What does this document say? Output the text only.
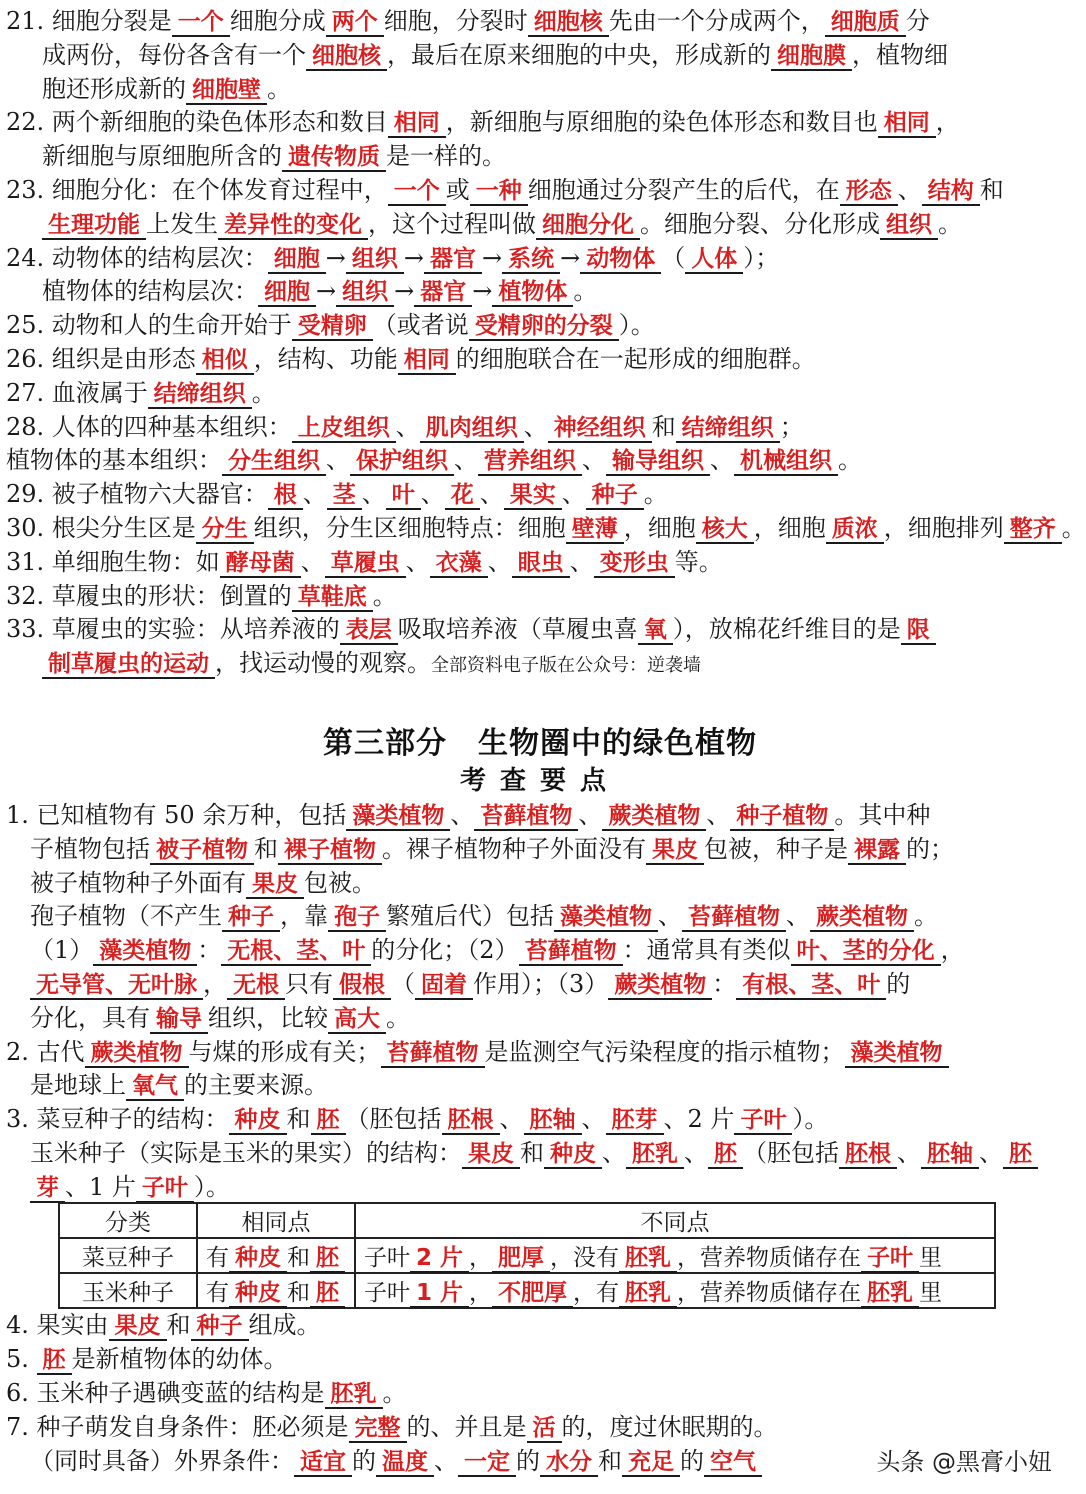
21. 细胞分裂是 一个 细胞分成 两个 细胞，分裂时 细胞核 先由一个分成两个， 细胞质 分
成两份，每份各含有一个 细胞核 ，最后在原来细胞的中央，形成新的 细胞膜 ，植物细
胞还形成新的 细胞壁 。
22. 两个新细胞的染色体形态和数目 相同 ，新细胞与原细胞的染色体形态和数目也 相同 ，
新细胞与原细胞所含的 遗传物质 是一样的。
23. 细胞分化：在个体发育过程中， 一个 或 一种 细胞通过分裂产生的后代，在 形态 、 结构 和
生理功能 上发生 差异性的变化 ，这个过程叫做 细胞分化 。细胞分裂、分化形成 组织 。
24. 动物体的结构层次： 细胞 → 组织 → 器官 → 系统 → 动物体 （ 人体 ）；
植物体的结构层次： 细胞 → 组织 → 器官 → 植物体 。
25. 动物和人的生命开始于 受精卵 （或者说 受精卵的分裂 ）。
26. 组织是由形态 相似 ，结构、功能 相同 的细胞联合在一起形成的细胞群。
27. 血液属于 结缔组织 。
28. 人体的四种基本组织： 上皮组织 、 肌肉组织 、 神经组织 和 结缔组织 ；
植物体的基本组织： 分生组织 、 保护组织 、 营养组织 、 输导组织 、 机械组织 。
29. 被子植物六大器官： 根 、 茎 、 叶 、 花 、 果实 、 种子 。
30. 根尖分生区是 分生 组织，分生区细胞特点：细胞 壁薄 ，细胞 核大 ，细胞 质浓 ，细胞排列 整齐 。
31. 单细胞生物：如 酵母菌 、 草履虫 、 衣藻 、 眼虫 、 变形虫 等。
32. 草履虫的形状：倒置的 草鞋底 。
33. 草履虫的实验：从培养液的 表层 吸取培养液（草履虫喜 氧 ），放棉花纤维目的是 限
制草履虫的运动 ，找运动慢的观察。全部资料电子版在公众号：逆袭墙
第三部分　生物圈中的绿色植物
考查要点
1. 已知植物有 50 余万种，包括 藻类植物 、 苔藓植物 、 蕨类植物 、 种子植物 。其中种
子植物包括 被子植物 和 裸子植物 。裸子植物种子外面没有 果皮 包被，种子是 裸露 的；
被子植物种子外面有 果皮 包被。
孢子植物（不产生 种子 ，靠 孢子 繁殖后代）包括 藻类植物 、 苔藓植物 、 蕨类植物 。
（1） 藻类植物 ： 无根、茎、叶 的分化；（2） 苔藓植物 ：通常具有类似 叶、茎的分化 ，
无导管、无叶脉 ， 无根 只有 假根 （ 固着 作用）；（3） 蕨类植物 ： 有根、茎、叶 的
分化，具有 输导 组织，比较 高大 。
2. 古代 蕨类植物 与煤的形成有关； 苔藓植物 是监测空气污染程度的指示植物； 藻类植物
是地球上 氧气 的主要来源。
3. 菜豆种子的结构： 种皮 和 胚 （胚包括 胚根 、 胚轴 、 胚芽 、2 片 子叶 ）。
玉米种子（实际是玉米的果实）的结构： 果皮 和 种皮 、 胚乳 、 胚 （胚包括 胚根 、 胚轴 、 胚
芽 、1 片 子叶 ）。
分类	相同点	不同点
菜豆种子	有 种皮 和 胚	子叶 2 片 ， 肥厚 ，没有 胚乳 ，营养物质储存在 子叶 里
玉米种子	有 种皮 和 胚	子叶 1 片 ， 不肥厚 ，有 胚乳 ，营养物质储存在 胚乳 里
4. 果实由 果皮 和 种子 组成。
5. 胚 是新植物体的幼体。
6. 玉米种子遇碘变蓝的结构是 胚乳 。
7. 种子萌发自身条件：胚必须是 完整 的、并且是 活 的，度过休眠期的。
（同时具备）外界条件： 适宜 的 温度 、 一定 的 水分 和 充足 的 空气	头条 @黑膏小妞
